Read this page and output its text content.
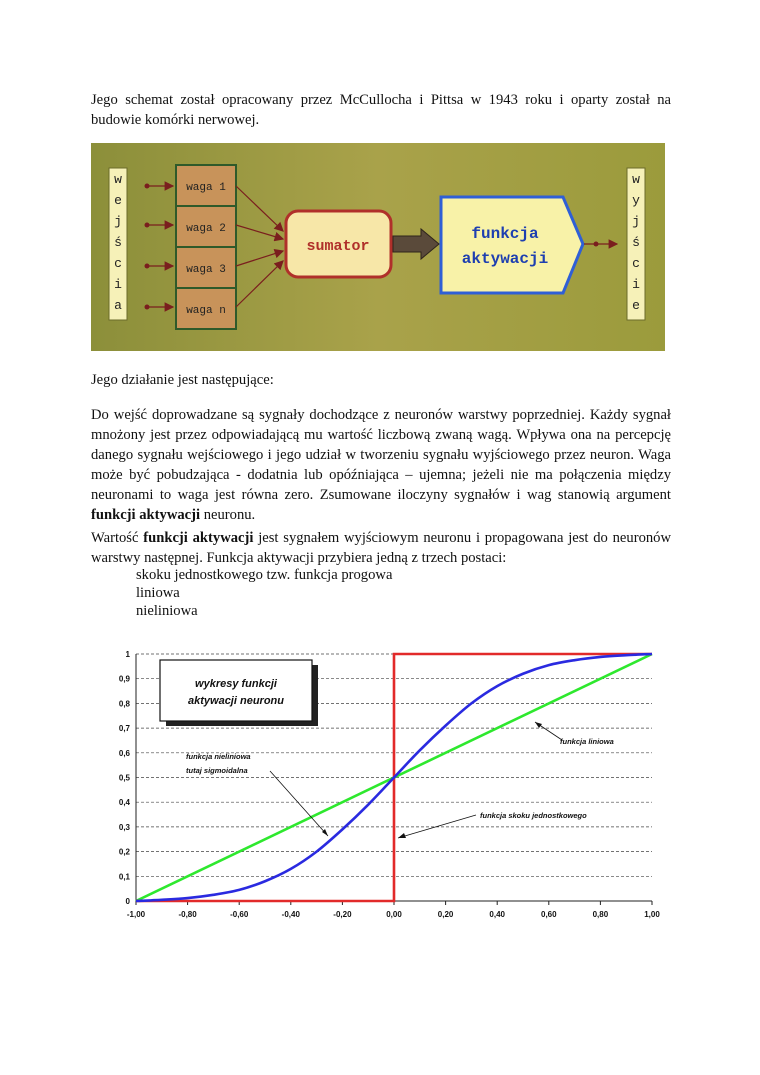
Jego schemat został opracowany przez McCullocha i Pittsa w 1943 roku i oparty został na budowie komórki nerwowej.

w
e
j
ś
c
i
a
w
y
j
ś
c
i
e
waga 1
waga 2
waga 3
waga n
sumator
funkcja
aktywacji

Jego działanie jest następujące:

Do wejść doprowadzane są sygnały dochodzące z neuronów warstwy poprzedniej. Każdy sygnał mnożony jest przez odpowiadającą mu wartość liczbową zwaną wagą. Wpływa ona na percepcję danego sygnału wejściowego i jego udział w tworzeniu sygnału wyjściowego przez neuron. Waga może być pobudzająca - dodatnia lub opóźniająca – ujemna; jeżeli nie ma połączenia między neuronami to waga jest równa zero. Zsumowane iloczyny sygnałów i wag stanowią argument funkcji aktywacji neuronu.

Wartość funkcji aktywacji jest sygnałem wyjściowym neuronu i propagowana jest do neuronów warstwy następnej. Funkcja aktywacji przybiera jedną z trzech postaci:

skoku jednostkowego tzw. funkcja progowa
liniowa
nieliniowa
0
0,1
0,2
0,3
0,4
0,5
0,6
0,7
0,8
0,9
1
-1,00	-0,80	-0,60	-0,40	-0,20	0,00	0,20	0,40	0,60	0,80	1,00
wykresy funkcji
aktywacji neuronu
funkcja nieliniowa
tutaj sigmoidalna
funkcja liniowa
funkcja skoku jednostkowego
